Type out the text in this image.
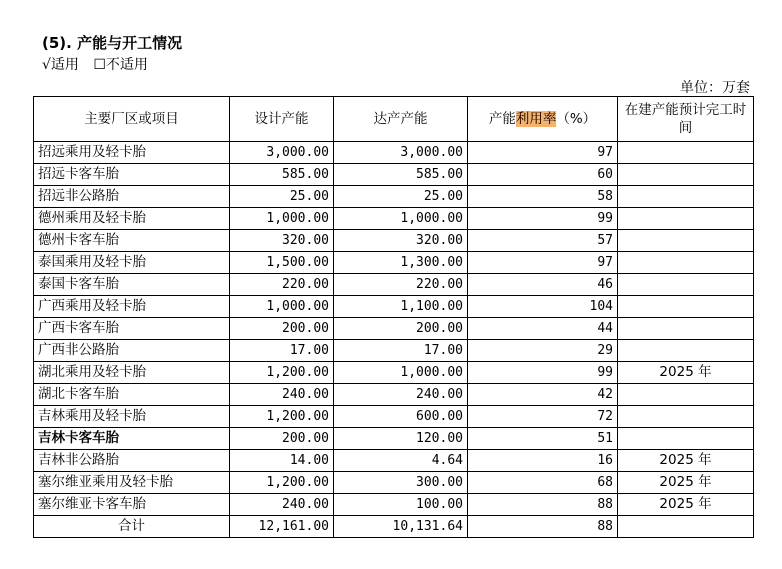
(5). 产能与开工情况
√适用 ☐不适用
单位：万套
主要厂区或项目	设计产能	达产产能	产能利用率（%）	在建产能预计完工时间
招远乘用及轻卡胎	3,000.00	3,000.00	97	
招远卡客车胎	585.00	585.00	60	
招远非公路胎	25.00	25.00	58	
德州乘用及轻卡胎	1,000.00	1,000.00	99	
德州卡客车胎	320.00	320.00	57	
泰国乘用及轻卡胎	1,500.00	1,300.00	97	
泰国卡客车胎	220.00	220.00	46	
广西乘用及轻卡胎	1,000.00	1,100.00	104	
广西卡客车胎	200.00	200.00	44	
广西非公路胎	17.00	17.00	29	
湖北乘用及轻卡胎	1,200.00	1,000.00	99	2025 年
湖北卡客车胎	240.00	240.00	42	
吉林乘用及轻卡胎	1,200.00	600.00	72	
吉林卡客车胎	200.00	120.00	51	
吉林非公路胎	14.00	4.64	16	2025 年
塞尔维亚乘用及轻卡胎	1,200.00	300.00	68	2025 年
塞尔维亚卡客车胎	240.00	100.00	88	2025 年
合计	12,161.00	10,131.64	88	
